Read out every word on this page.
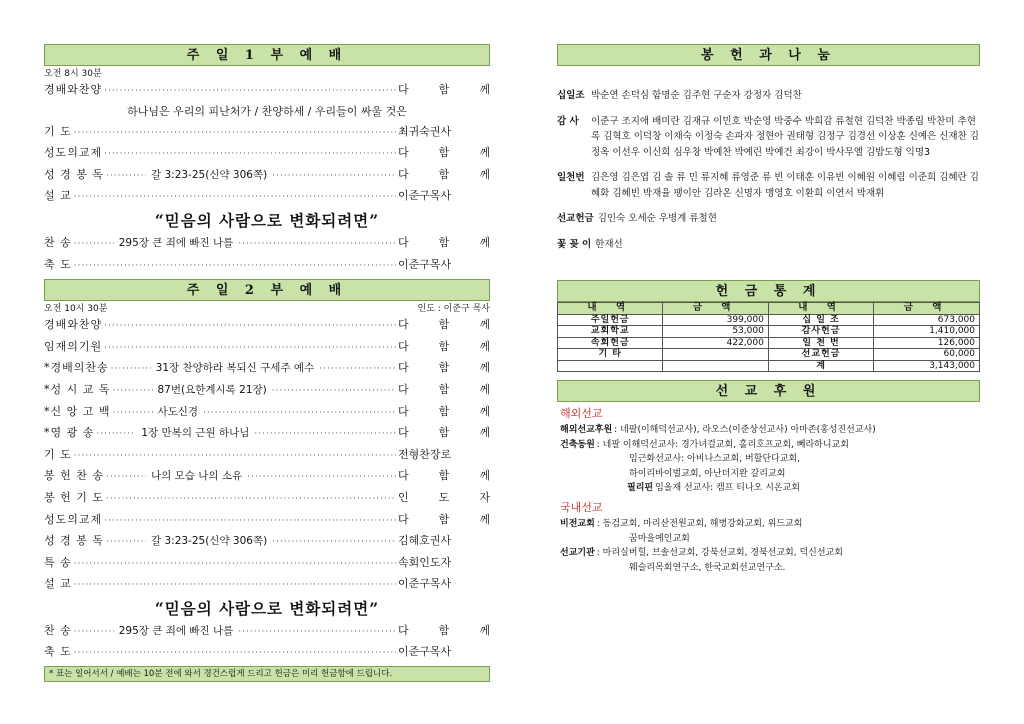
주 일 1 부 예 배
오전 8시 30분
경배와찬양 ·····	다 함 께
하나님은 우리의 피난처가 / 찬양하세 / 우리들이 싸울 것은
기 도 ·····	최귀숙권사
성도의교제 ·····	다 함 께
성 경 봉 독 ·····	갈 3:23-25(신약 306쪽) ·····	다 함 께
설 교 ·····	이준구목사
“믿음의 사람으로 변화되려면”
찬 송 ·····	295장 큰 죄에 빠진 나를 ·····	다 함 께
축 도 ·····	이준구목사
주 일 2 부 예 배
오전 10시 30분	인도 : 이준구 목사
경배와찬양 ·····	다 함 께
임재의기원 ·····	다 함 께
*경배의찬송 ·····	31장 찬양하라 복되신 구세주 예수 ·····	다 함 께
*성 시 교 독 ·····	87번(요한계시록 21장) ·····	다 함 께
*신 앙 고 백 ·····	사도신경 ·····	다 함 께
*영 광 송 ·····	1장 만복의 근원 하나님 ·····	다 함 께
기 도 ·····	전형찬장로
봉 헌 찬 송 ·····	나의 모습 나의 소유 ·····	다 함 께
봉 헌 기 도 ·····	인 도 자
성도의교제 ·····	다 함 께
성 경 봉 독 ·····	갈 3:23-25(신약 306쪽) ·····	김혜호권사
특 송 ·····	속회인도자
설 교 ·····	이준구목사
“믿음의 사람으로 변화되려면”
찬 송 ·····	295장 큰 죄에 빠진 나를 ·····	다 함 께
축 도 ·····	이준구목사
* 표는 일어서서 / 예배는 10분 전에 와서 경건스럽게 드리고 헌금은 미리 헌금함에 드립니다.
봉 헌 과 나 눔
십일조 박순연 손덕심 함명순 김주현 구순자 강정자 김덕찬
감 사	이준구 조지애 배미란 김재규 이민호 박순영 박중수 박희감 류철현 김덕찬 박종립 박찬미 추현록 김혁호 이덕창 이채숙 이정숙 손파자 정현아 권태형 김정구 김경선 이상훈 신예은 신재찬 김정옥 이선우 이신희 심우창 박예찬 박예린 박예건 최강이 박사무엘 김밥도형 익명3
일천번 김은영 김은엽 김 솔 류 민 류지혜 류영준 류 빈 이태훈 이유빈 이혜원 이혜림 이준희 김혜란 김혜화 김혜빈 박재율 팽이안 김라온 신명자 맹영호 이환희 이연서 박재휘
선교헌금 김인숙 오세순 우병계 류철현
꽃 꽂 이 한재선
헌 금 통 계
내 역	금 액	내 역	금 액
주일헌금	399,000	십 일 조	673,000
교회학교	53,000	감사헌금	1,410,000
속회헌금	422,000	일 천 번	126,000
기 타		선교헌금	60,000
		계	3,143,000
선 교 후 원
해외선교
해외선교후원 : 네팔(이해덕선교사), 라오스(이준상선교사) 아마존(홍성진선교사)
건축동원 : 네팔 이해덕선교사: 경가녀걸교회, 홀리호프교회, 뻬라하니교회
임근화선교사: 아비나스교회, 버할단다교회,
하이리바이벌교회, 아난더지완 갈리교회
필리핀 임올재 선교사: 캠프 티나오 시온교회
국내선교
비전교회 : 동검교회, 마리산전원교회, 해병강화교회, 위드교회
꿈마을예인교회
선교기관 : 마리실버힐, 브솔선교회, 강북선교회, 경북선교회, 덕신선교회
웨슬리목회연구소, 한국교회선교연구소.
